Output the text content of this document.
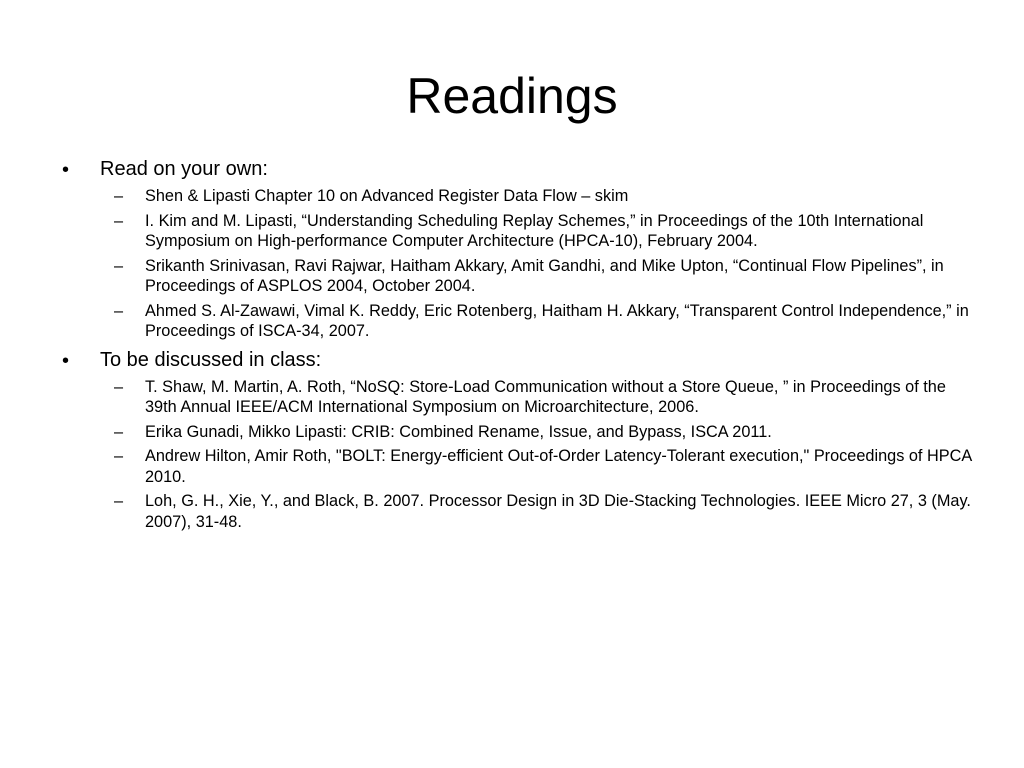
Readings
• Read on your own:
– Shen & Lipasti Chapter 10 on Advanced Register Data Flow – skim
– I. Kim and M. Lipasti, “Understanding Scheduling Replay Schemes,” in Proceedings of the 10th International Symposium on High-performance Computer Architecture (HPCA-10), February 2004.
– Srikanth Srinivasan, Ravi Rajwar, Haitham Akkary, Amit Gandhi, and Mike Upton, “Continual Flow Pipelines”, in Proceedings of ASPLOS 2004, October 2004.
– Ahmed S. Al-Zawawi, Vimal K. Reddy, Eric Rotenberg, Haitham H. Akkary, “Transparent Control Independence,” in Proceedings of ISCA-34, 2007.
• To be discussed in class:
– T. Shaw, M. Martin, A. Roth, “NoSQ: Store-Load Communication without a Store Queue, ” in Proceedings of the 39th Annual IEEE/ACM International Symposium on Microarchitecture, 2006.
– Erika Gunadi, Mikko Lipasti: CRIB: Combined Rename, Issue, and Bypass, ISCA 2011.
– Andrew Hilton, Amir Roth, "BOLT: Energy-efficient Out-of-Order Latency-Tolerant execution," Proceedings of HPCA 2010.
– Loh, G. H., Xie, Y., and Black, B. 2007. Processor Design in 3D Die-Stacking Technologies. IEEE Micro 27, 3 (May. 2007), 31-48.
